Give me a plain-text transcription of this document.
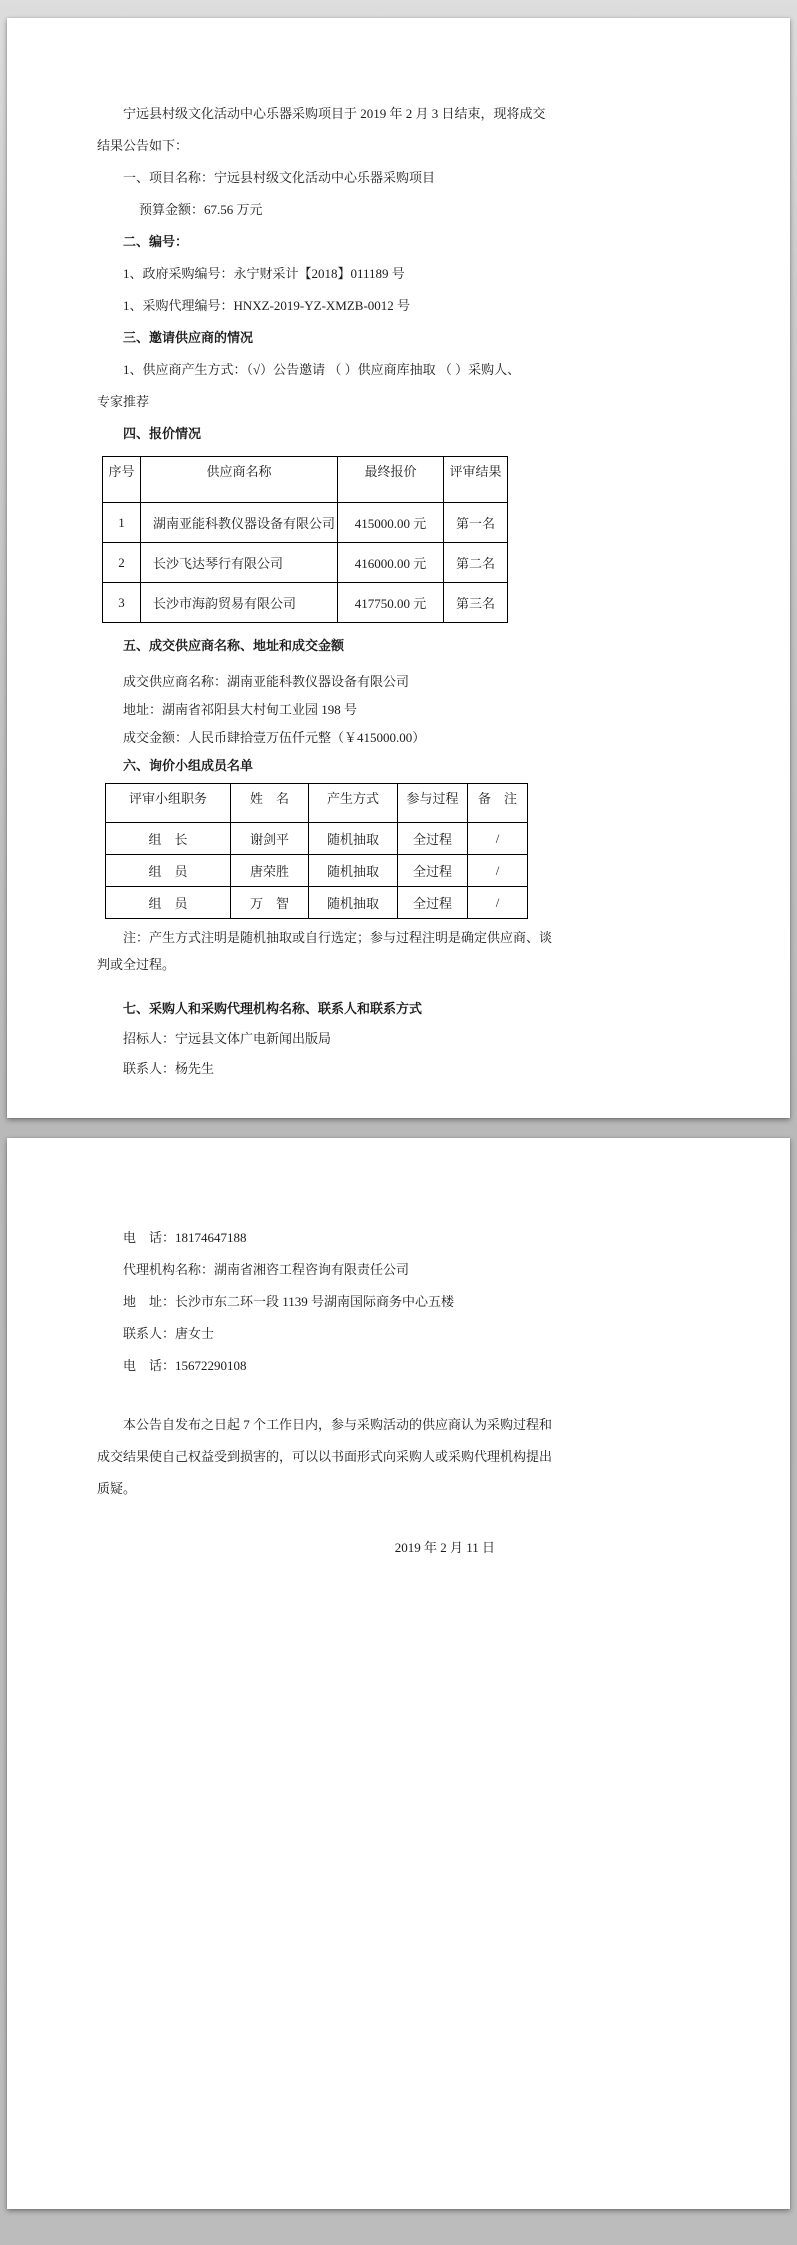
宁远县村级文化活动中心乐器采购项目于 2019 年 2 月 3 日结束，现将成交

结果公告如下：

一、项目名称：宁远县村级文化活动中心乐器采购项目

预算金额：67.56 万元

二、编号：

1、政府采购编号：永宁财采计【2018】011189 号

1、采购代理编号：HNXZ-2019-YZ-XMZB-0012 号

三、邀请供应商的情况

1、供应商产生方式：（√）公告邀请 （ ）供应商库抽取 （ ）采购人、

专家推荐

四、报价情况

序号	供应商名称	最终报价	评审结果
1	湖南亚能科教仪器设备有限公司	415000.00 元	第一名
2	长沙飞达琴行有限公司	416000.00 元	第二名
3	长沙市海韵贸易有限公司	417750.00 元	第三名

五、成交供应商名称、地址和成交金额

成交供应商名称：湖南亚能科教仪器设备有限公司

地址：湖南省祁阳县大村甸工业园 198 号

成交金额：人民币肆拾壹万伍仟元整（￥415000.00）

六、询价小组成员名单

评审小组职务	姓　名	产生方式	参与过程	备　注
组　长	谢剑平	随机抽取	全过程	/
组　员	唐荣胜	随机抽取	全过程	/
组　员	万　智	随机抽取	全过程	/

注：产生方式注明是随机抽取或自行选定；参与过程注明是确定供应商、谈

判或全过程。

七、采购人和采购代理机构名称、联系人和联系方式

招标人：宁远县文体广电新闻出版局

联系人：杨先生

电　话：18174647188

代理机构名称：湖南省湘咨工程咨询有限责任公司

地　址：长沙市东二环一段 1139 号湖南国际商务中心五楼

联系人：唐女士

电　话：15672290108

本公告自发布之日起 7 个工作日内，参与采购活动的供应商认为采购过程和

成交结果使自己权益受到损害的，可以以书面形式向采购人或采购代理机构提出

质疑。

2019 年 2 月 11 日
